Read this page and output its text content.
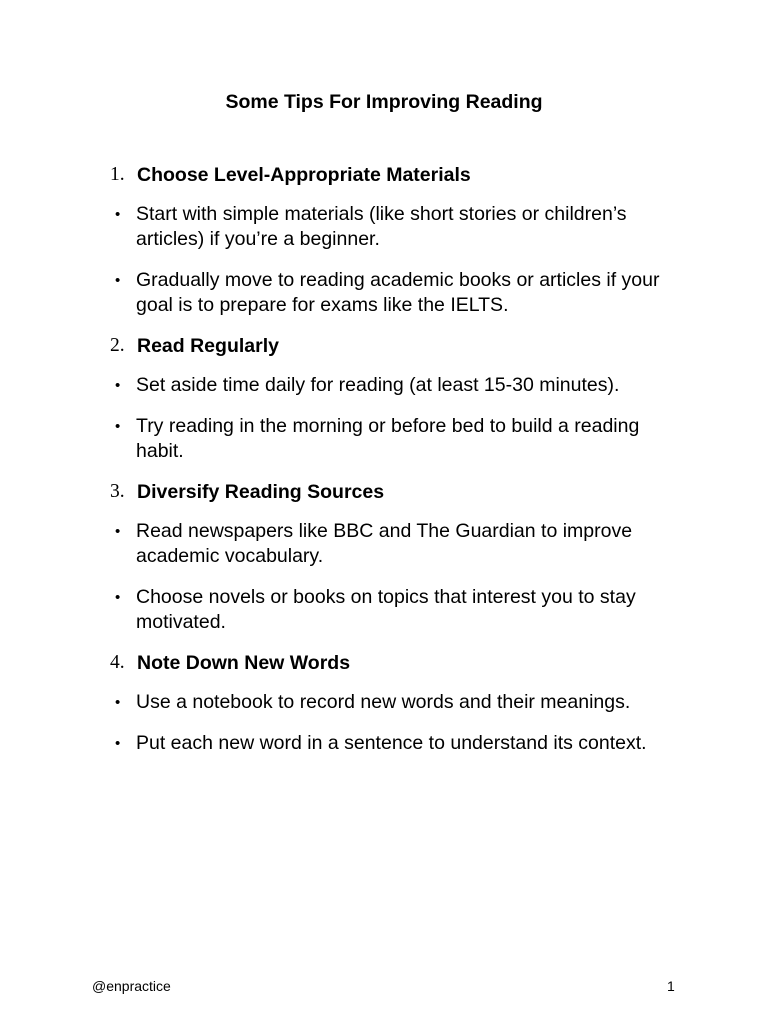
Some Tips For Improving Reading
1. Choose Level-Appropriate Materials
• Start with simple materials (like short stories or children’s articles) if you’re a beginner.
• Gradually move to reading academic books or articles if your goal is to prepare for exams like the IELTS.
2. Read Regularly
• Set aside time daily for reading (at least 15-30 minutes).
• Try reading in the morning or before bed to build a reading habit.
3. Diversify Reading Sources
• Read newspapers like BBC and The Guardian to improve academic vocabulary.
• Choose novels or books on topics that interest you to stay motivated.
4. Note Down New Words
• Use a notebook to record new words and their meanings.
• Put each new word in a sentence to understand its context.
@enpractice	1
